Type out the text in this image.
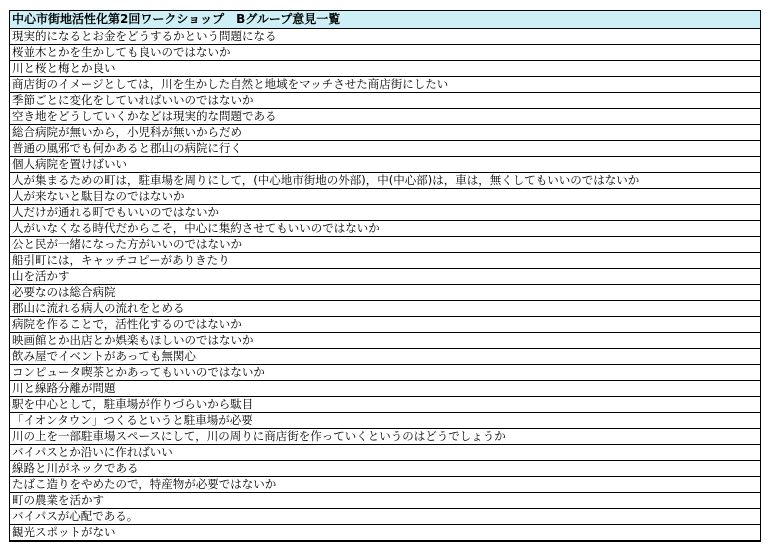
中心市街地活性化第2回ワークショップ　Bグループ意見一覧
現実的になるとお金をどうするかという問題になる
桜並木とかを生かしても良いのではないか
川と桜と梅とか良い
商店街のイメージとしては，川を生かした自然と地域をマッチさせた商店街にしたい
季節ごとに変化をしていればいいのではないか
空き地をどうしていくかなどは現実的な問題である
総合病院が無いから，小児科が無いからだめ
普通の風邪でも何かあると郡山の病院に行く
個人病院を置けばいい
人が集まるための町は，駐車場を周りにして，(中心地市街地の外部)，中(中心部)は，車は，無くしてもいいのではないか
人が来ないと駄目なのではないか
人だけが通れる町でもいいのではないか
人がいなくなる時代だからこそ，中心に集約させてもいいのではないか
公と民が一緒になった方がいいのではないか
船引町には，キャッチコピーがありきたり
山を活かす
必要なのは総合病院
郡山に流れる病人の流れをとめる
病院を作ることで，活性化するのではないか
映画館とか出店とか娯楽もほしいのではないか
飲み屋でイベントがあっても無関心
コンピュータ喫茶とかあってもいいのではないか
川と線路分離が問題
駅を中心として，駐車場が作りづらいから駄目
「イオンタウン」つくるというと駐車場が必要
川の上を一部駐車場スペースにして，川の周りに商店街を作っていくというのはどうでしょうか
バイパスとか沿いに作ればいい
線路と川がネックである
たばこ造りをやめたので，特産物が必要ではないか
町の農業を活かす
バイパスが心配である。
観光スポットがない
